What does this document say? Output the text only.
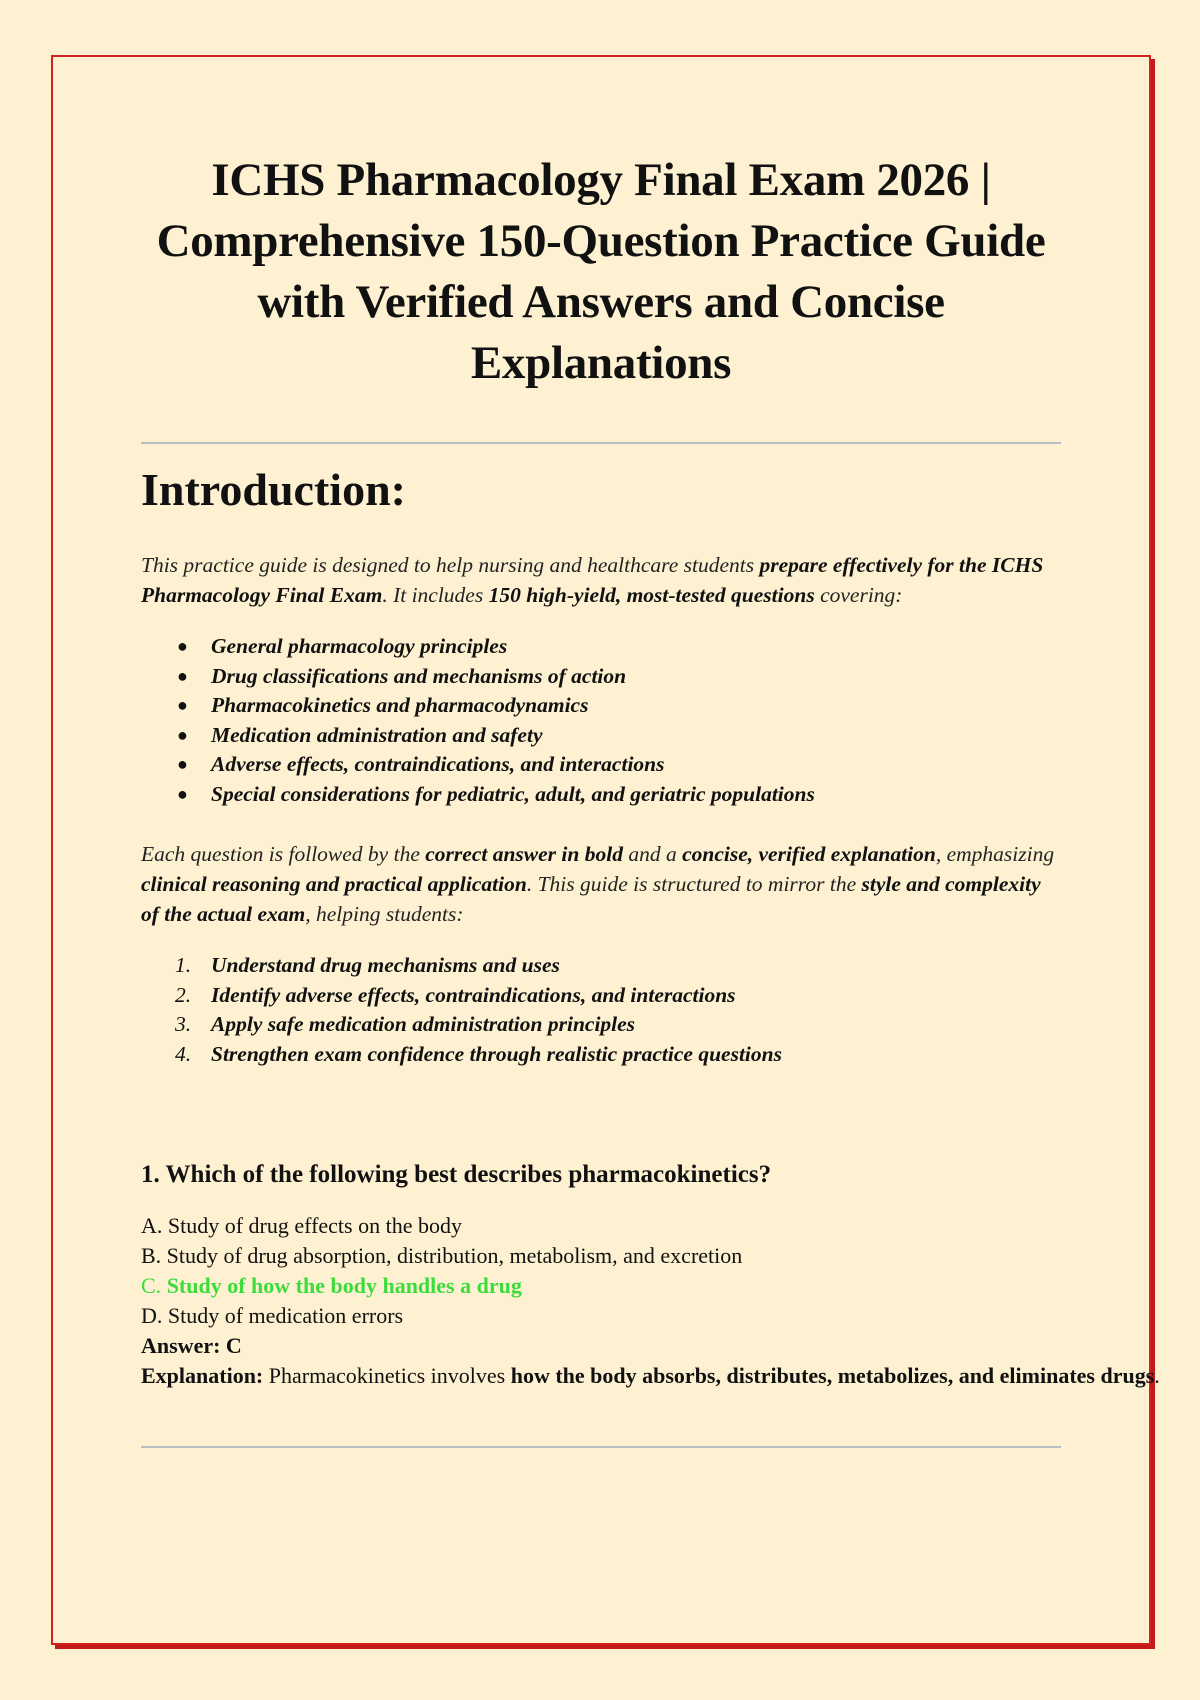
ICHS Pharmacology Final Exam 2026 |
Comprehensive 150-Question Practice Guide
with Verified Answers and Concise
Explanations
Introduction:

This practice guide is designed to help nursing and healthcare students prepare effectively for the ICHS Pharmacology Final Exam. It includes 150 high-yield, most-tested questions covering:

● General pharmacology principles
● Drug classifications and mechanisms of action
● Pharmacokinetics and pharmacodynamics
● Medication administration and safety
● Adverse effects, contraindications, and interactions
● Special considerations for pediatric, adult, and geriatric populations

Each question is followed by the correct answer in bold and a concise, verified explanation, emphasizing clinical reasoning and practical application. This guide is structured to mirror the style and complexity of the actual exam, helping students:

1. Understand drug mechanisms and uses
2. Identify adverse effects, contraindications, and interactions
3. Apply safe medication administration principles
4. Strengthen exam confidence through realistic practice questions
1. Which of the following best describes pharmacokinetics?
A. Study of drug effects on the body
B. Study of drug absorption, distribution, metabolism, and excretion
C. Study of how the body handles a drug
D. Study of medication errors
Answer: C
Explanation: Pharmacokinetics involves how the body absorbs, distributes, metabolizes, and eliminates drugs.
